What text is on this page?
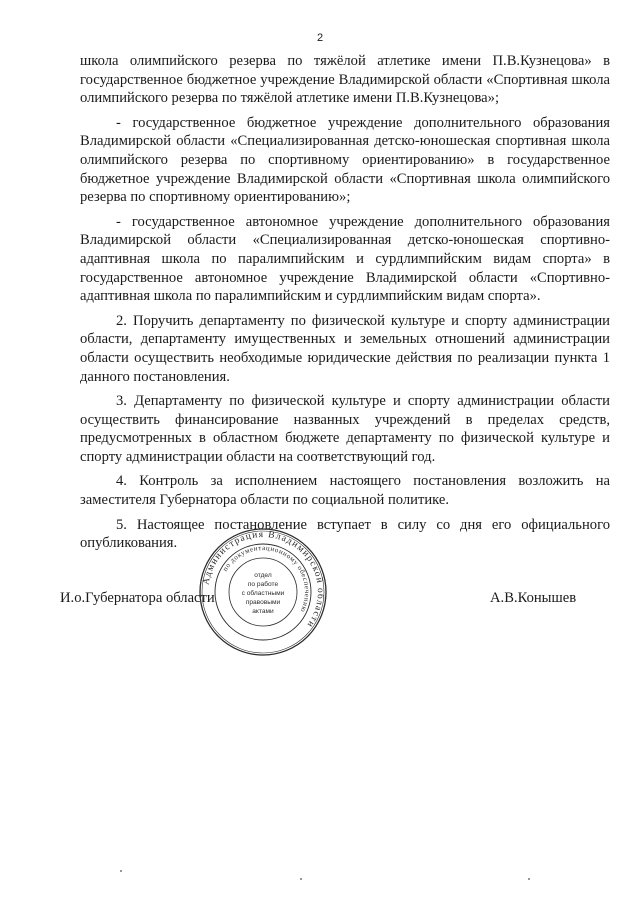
2

школа олимпийского резерва по тяжёлой атлетике имени П.В.Кузнецова» в государственное бюджетное учреждение Владимирской области «Спортивная школа олимпийского резерва по тяжёлой атлетике имени П.В.Кузнецова»;

- государственное бюджетное учреждение дополнительного образования Владимирской области «Специализированная детско-юношеская спортивная школа олимпийского резерва по спортивному ориентированию» в государственное бюджетное учреждение Владимирской области «Спортивная школа олимпийского резерва по спортивному ориентированию»;

- государственное автономное учреждение дополнительного образования Владимирской области «Специализированная детско-юношеская спортивно-адаптивная школа по паралимпийским и сурдлимпийским видам спорта» в государственное автономное учреждение Владимирской области «Спортивно-адаптивная школа по паралимпийским и сурдлимпийским видам спорта».

2. Поручить департаменту по физической культуре и спорту администрации области, департаменту имущественных и земельных отношений администрации области осуществить необходимые юридические действия по реализации пункта 1 данного постановления.

3. Департаменту по физической культуре и спорту администрации области осуществить финансирование названных учреждений в пределах средств, предусмотренных в областном бюджете департаменту по физической культуре и спорту администрации области на соответствующий год.

4. Контроль за исполнением настоящего постановления возложить на заместителя Губернатора области по социальной политике.

5. Настоящее постановление вступает в силу со дня его официального опубликования.

Администрация Владимирской области
по документационному обеспечению
отдел
по работе
с областными
правовыми
актами
И.о.Губернатора области	А.В.Конышев
